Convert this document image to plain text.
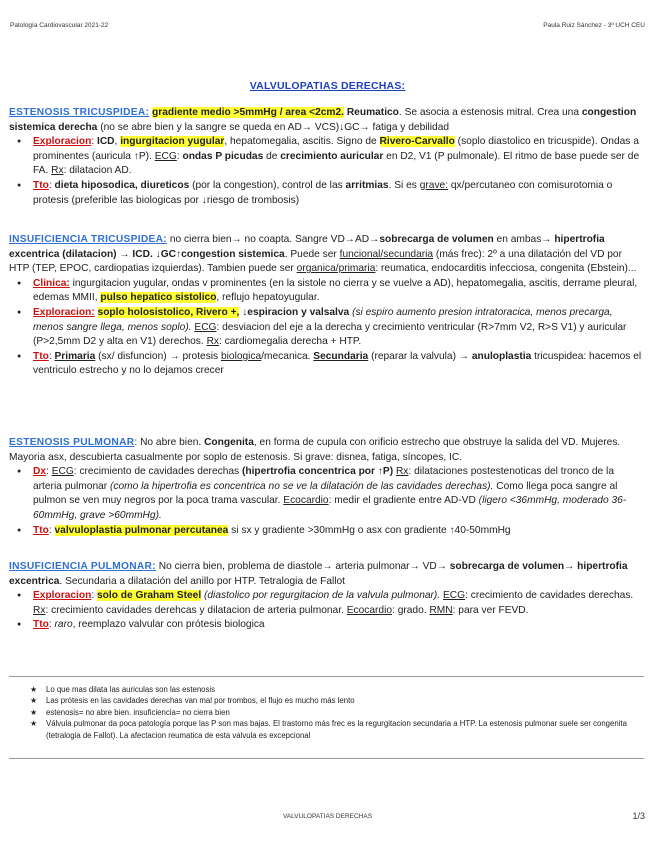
Patología Cardiovascular 2021-22	Paula Ruiz Sánchez - 3º UCH CEU
VALVULOPATIAS DERECHAS:
ESTENOSIS TRICUSPIDEA: gradiente medio >5mmHg / area <2cm2. Reumatico. Se asocia a estenosis mitral. Crea una congestion sistemica derecha (no se abre bien y la sangre se queda en AD→ VCS)↓GC→ fatiga y debilidad
● Exploracion: ICD, ingurgitacion yugular, hepatomegalia, ascitis. Signo de Rivero-Carvallo (soplo diastolico en tricuspide). Ondas a prominentes (auricula ↑P). ECG: ondas P picudas de crecimiento auricular en D2, V1 (P pulmonale). El ritmo de base puede ser de FA. Rx: dilatacion AD.
● Tto: dieta hiposodica, diureticos (por la congestion), control de las arritmias. Si es grave: qx/percutaneo con comisurotomia o protesis (preferible las biologicas por ↓riesgo de trombosis)
INSUFICIENCIA TRICUSPIDEA: no cierra bien→ no coapta. Sangre VD→AD→sobrecarga de volumen en ambas→ hipertrofia excentrica (dilatacion) → ICD. ↓GC↑congestion sistemica. Puede ser funcional/secundaria (más frec): 2º a una dilatación del VD por HTP (TEP, EPOC, cardiopatias izquierdas). Tambien puede ser organica/primaria: reumatica, endocarditis infecciosa, congenita (Ebstein)...
● Clinica: ingurgitacion yugular, ondas v prominentes (en la sistole no cierra y se vuelve a AD), hepatomegalia, ascitis, derrame pleural, edemas MMII, pulso hepatico sistolico, reflujo hepatoyugular.
● Exploracion: soplo holosistolico, Rivero +, ↓espiracion y valsalva (si espiro aumento presion intratoracica, menos precarga, menos sangre llega, menos soplo). ECG: desviacion del eje a la derecha y crecimiento ventricular (R>7mm V2, R>S V1) y auricular (P>2,5mm D2 y alta en V1) derechos. Rx: cardiomegalia derecha + HTP.
● Tto: Primaria (sx/ disfuncion) → protesis biologica/mecanica. Secundaria (reparar la valvula) → anuloplastia tricuspidea: hacemos el ventriculo estrecho y no lo dejamos crecer
ESTENOSIS PULMONAR: No abre bien. Congenita, en forma de cupula con orificio estrecho que obstruye la salida del VD. Mujeres. Mayoria asx, descubierta casualmente por soplo de estenosis. Si grave: disnea, fatiga, síncopes, IC.
● Dx: ECG: crecimiento de cavidades derechas (hipertrofia concentrica por ↑P) Rx: dilataciones postestenoticas del tronco de la arteria pulmonar (como la hipertrofia es concentrica no se ve la dilatación de las cavidades derechas). Como llega poca sangre al pulmon se ven muy negros por la poca trama vascular. Ecocardio: medir el gradiente entre AD-VD (ligero <36mmHg, moderado 36-60mmHg, grave >60mmHg).
● Tto: valvuloplastia pulmonar percutanea si sx y gradiente >30mmHg o asx con gradiente ↑40-50mmHg
INSUFICIENCIA PULMONAR: No cierra bien, problema de diastole→ arteria pulmonar→ VD→ sobrecarga de volumen→ hipertrofia excentrica. Secundaria a dilatación del anillo por HTP. Tetralogia de Fallot
● Exploracion: solo de Graham Steel (diastolico por regurgitacion de la valvula pulmonar). ECG: crecimiento de cavidades derechas. Rx: crecimiento cavidades derehcas y dilatacion de arteria pulmonar. Ecocardio: grado. RMN: para ver FEVD.
● Tto: raro, reemplazo valvular con prótesis biologica
★ Lo que mas dilata las auriculas son las estenosis
★ Las prótesis en las cavidades derechas van mal por trombos, el flujo es mucho más lento
★ estenosis= no abre bien. insuficiencia= no cierra bien
★ Válvula pulmonar da poca patología porque las P son mas bajas. El trastorno más frec es la regurgitacion secundaria a HTP. La estenosis pulmonar suele ser congenita (tetralogia de Fallot). La afectacion reumatica de esta valvula es excepcional
VALVULOPATIAS DERECHAS	1/3
